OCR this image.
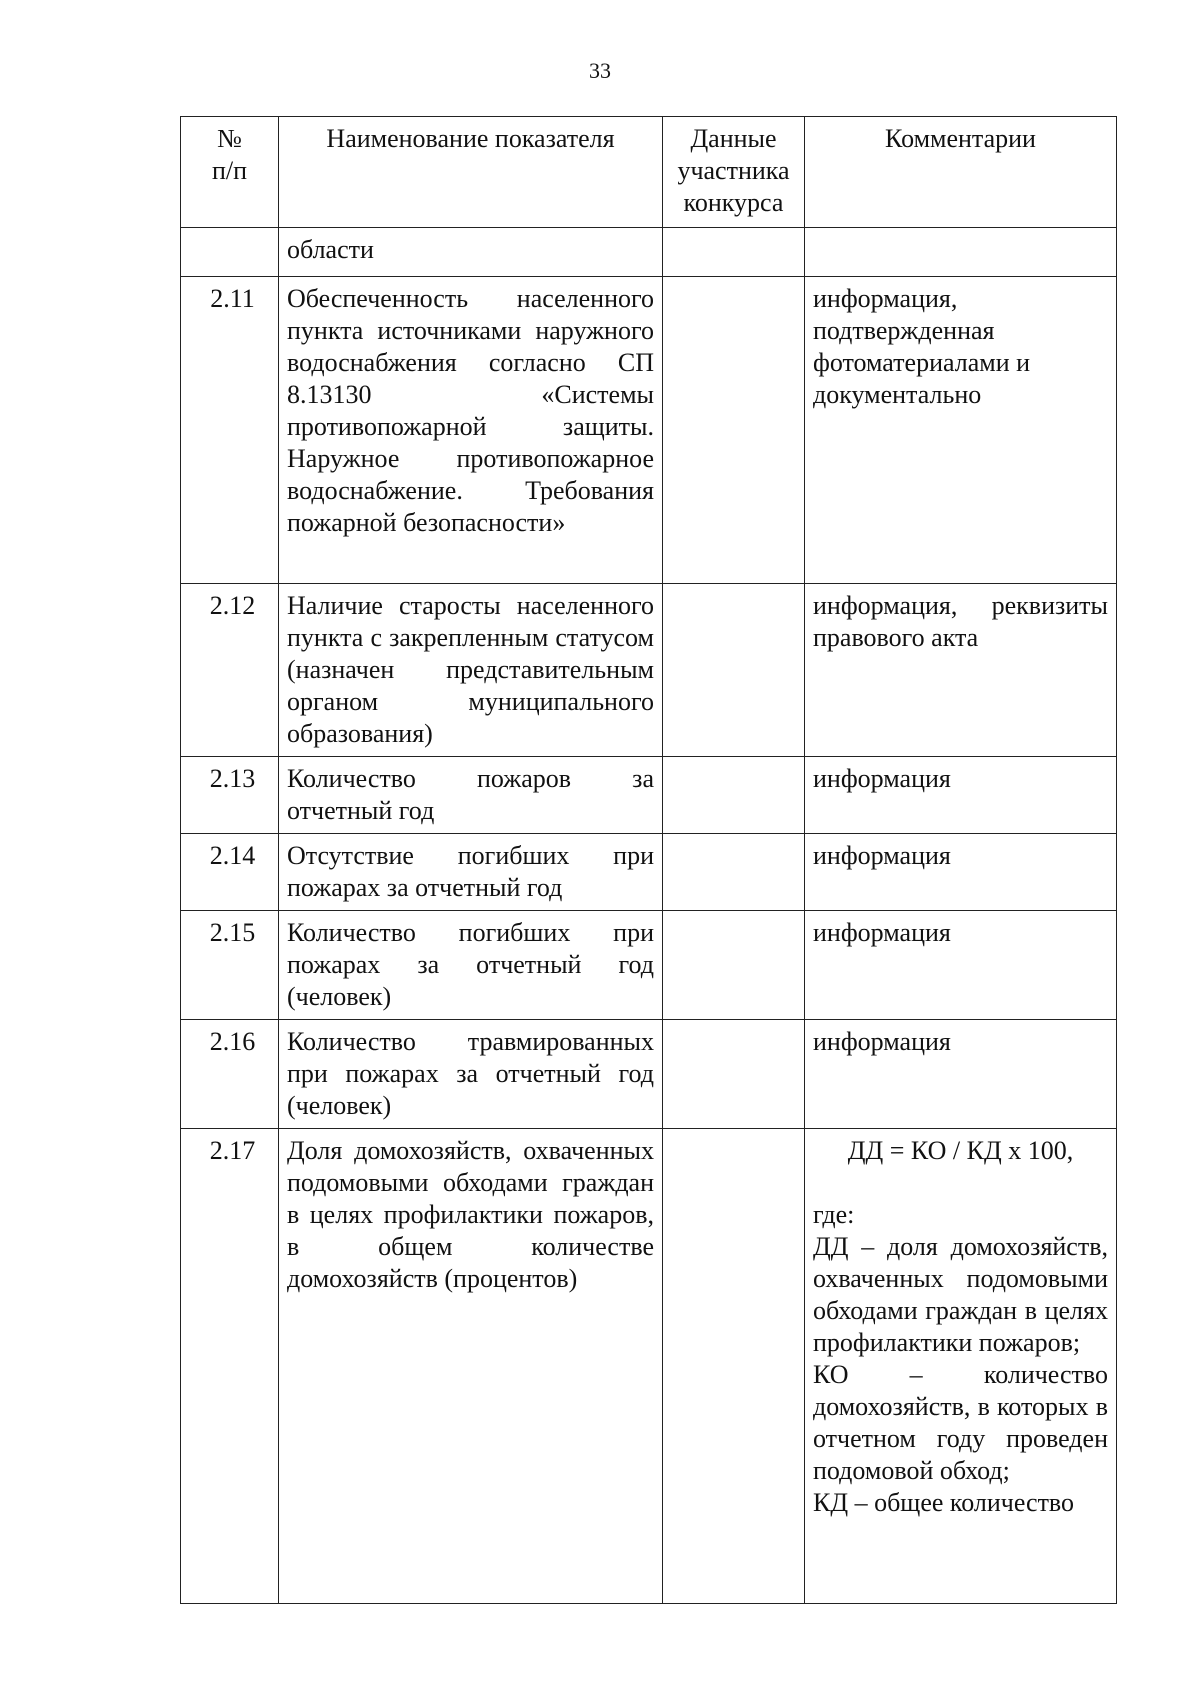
33
№ п/п	Наименование показателя	Данные участника конкурса	Комментарии
	области		
2.11	Обеспеченность населенного пункта источниками наружного водоснабжения согласно СП 8.13130 «Системы противопожарной защиты. Наружное противопожарное водоснабжение. Требования пожарной безопасности»		информация, подтвержденная фотоматериалами и документально
2.12	Наличие старосты населенного пункта с закрепленным статусом (назначен представительным органом муниципального образования)		информация, реквизиты правового акта
2.13	Количество пожаров за отчетный год		информация
2.14	Отсутствие погибших при пожарах за отчетный год		информация
2.15	Количество погибших при пожарах за отчетный год (человек)		информация
2.16	Количество травмированных при пожарах за отчетный год (человек)		информация
2.17	Доля домохозяйств, охваченных подомовыми обходами граждан в целях профилактики пожаров, в общем количестве домохозяйств (процентов)		ДД = КО / КД х 100,
где:
ДД – доля домохозяйств, охваченных подомовыми обходами граждан в целях профилактики пожаров;
КО – количество домохозяйств, в которых в отчетном году проведен подомовой обход;
КД – общее количество
